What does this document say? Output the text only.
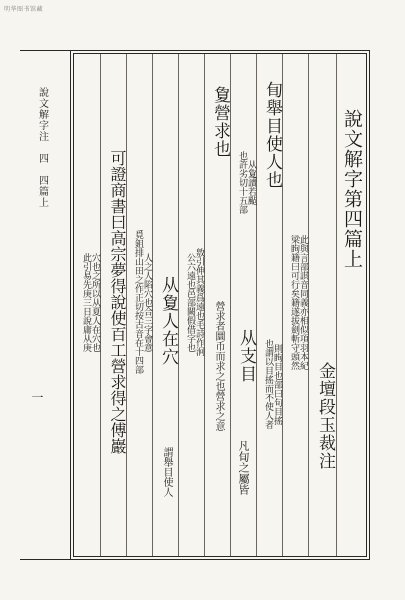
明华图书馆藏
說文解字注　四　四篇上
一
說文解字第四篇上
金壇段玉裁注
此與言部諆音同義亦相似項羽本紀
梁眴籍曰可行矣籍遂拔劍斬守頭然
䀏舉目使人也
則眴目也部曰旬目搖
也謂以目搖而不使人者
从支目
凡䀏之屬皆
从夐讀若颭
也許劣切十五部
夐營求也
營求者圜币而求之也營求之意
敫引伸其義爲遠也毛詩作泂
公六遠也邑部闕假借字也
从夐人在穴
謂舉目使人
人之人陷穴也合三字會意
覓鉏排山田之作正切按古音在十四部
可證商書曰高宗夢得說使百工營求得之傅巖
穴也之所以从夏人在穴也
此引易先庚三日說庸从庚
